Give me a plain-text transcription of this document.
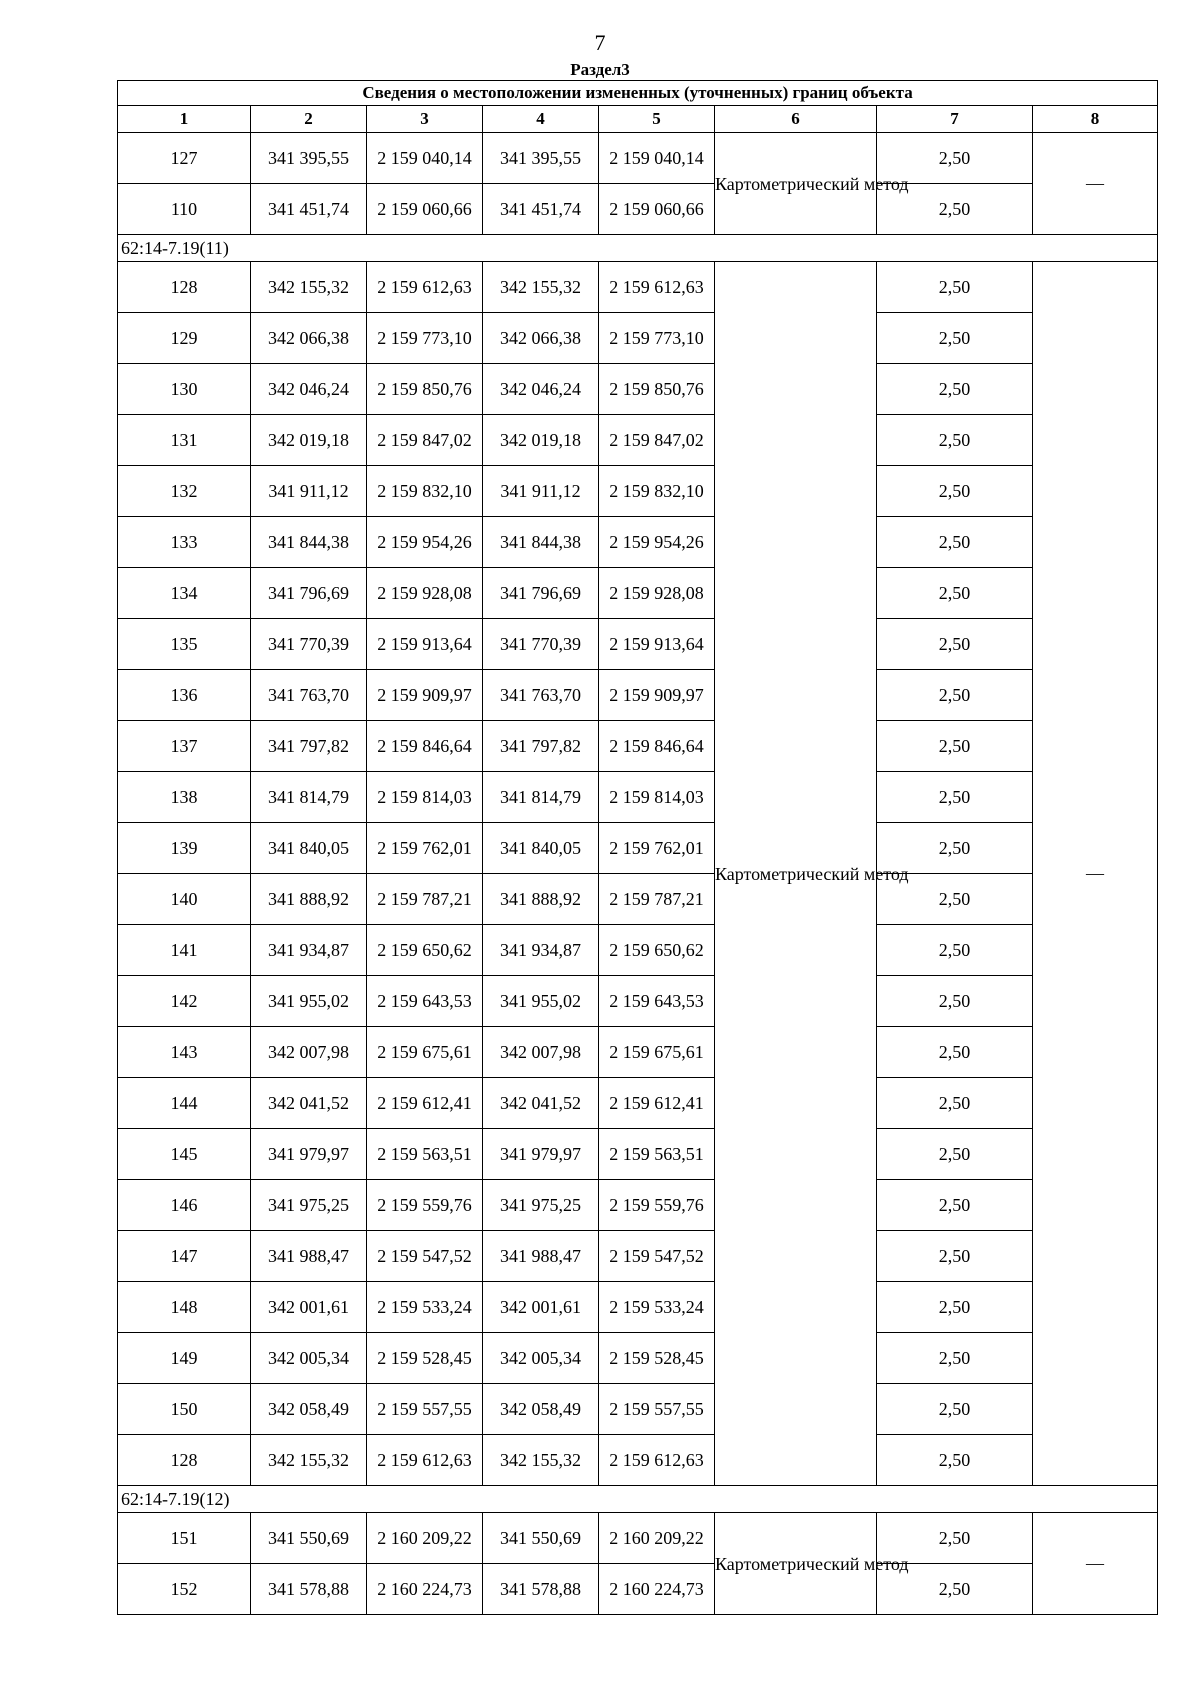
7
Раздел3
Сведения о местоположении измененных (уточненных) границ объекта							
1	2	3	4	5	6	7	8
127	341 395,55	2 159 040,14	341 395,55	2 159 040,14	Картометрический метод	2,50	—
110	341 451,74	2 159 060,66	341 451,74	2 159 060,66		2,50	
62:14-7.19(11)							
128	342 155,32	2 159 612,63	342 155,32	2 159 612,63	Картометрический метод	2,50	—
129	342 066,38	2 159 773,10	342 066,38	2 159 773,10		2,50	
130	342 046,24	2 159 850,76	342 046,24	2 159 850,76		2,50	
131	342 019,18	2 159 847,02	342 019,18	2 159 847,02		2,50	
132	341 911,12	2 159 832,10	341 911,12	2 159 832,10		2,50	
133	341 844,38	2 159 954,26	341 844,38	2 159 954,26		2,50	
134	341 796,69	2 159 928,08	341 796,69	2 159 928,08		2,50	
135	341 770,39	2 159 913,64	341 770,39	2 159 913,64		2,50	
136	341 763,70	2 159 909,97	341 763,70	2 159 909,97		2,50	
137	341 797,82	2 159 846,64	341 797,82	2 159 846,64		2,50	
138	341 814,79	2 159 814,03	341 814,79	2 159 814,03		2,50	
139	341 840,05	2 159 762,01	341 840,05	2 159 762,01		2,50	
140	341 888,92	2 159 787,21	341 888,92	2 159 787,21		2,50	
141	341 934,87	2 159 650,62	341 934,87	2 159 650,62		2,50	
142	341 955,02	2 159 643,53	341 955,02	2 159 643,53		2,50	
143	342 007,98	2 159 675,61	342 007,98	2 159 675,61		2,50	
144	342 041,52	2 159 612,41	342 041,52	2 159 612,41		2,50	
145	341 979,97	2 159 563,51	341 979,97	2 159 563,51		2,50	
146	341 975,25	2 159 559,76	341 975,25	2 159 559,76		2,50	
147	341 988,47	2 159 547,52	341 988,47	2 159 547,52		2,50	
148	342 001,61	2 159 533,24	342 001,61	2 159 533,24		2,50	
149	342 005,34	2 159 528,45	342 005,34	2 159 528,45		2,50	
150	342 058,49	2 159 557,55	342 058,49	2 159 557,55		2,50	
128	342 155,32	2 159 612,63	342 155,32	2 159 612,63		2,50	
62:14-7.19(12)							
151	341 550,69	2 160 209,22	341 550,69	2 160 209,22	Картометрический метод	2,50	—
152	341 578,88	2 160 224,73	341 578,88	2 160 224,73		2,50	
